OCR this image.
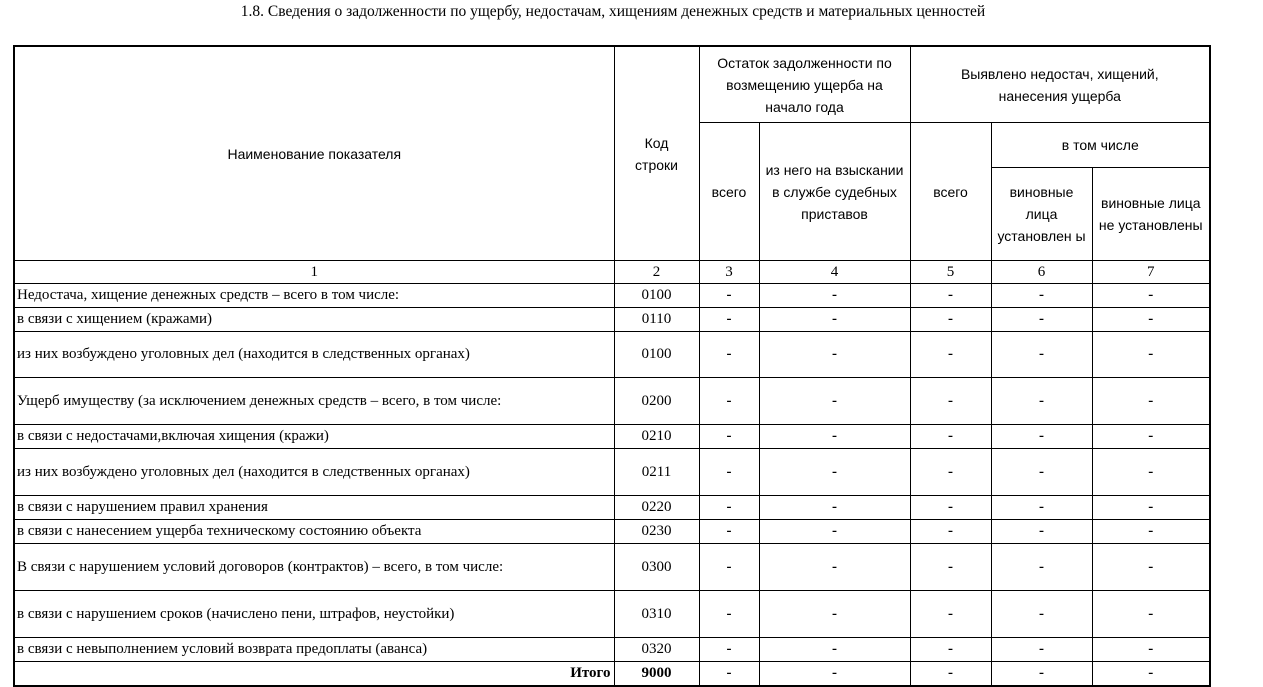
1.8. Сведения о задолженности по ущербу, недостачам, хищениям денежных средств и материальных ценностей
Наименование показателя	Код строки	Остаток задолженности по возмещению ущерба на начало года		Выявлено недостач, хищений, нанесения ущерба		
		всего	из него на взыскании в службе судебных приставов	всего	в том числе	
					виновные лица установлен ы	виновные лица не установлены
1	2	3	4	5	6	7
Недостача, хищение денежных средств – всего в том числе:	0100	-	-	-	-	-
в связи с хищением (кражами)	0110	-	-	-	-	-
из них возбуждено уголовных дел (находится в следственных органах)	0100	-	-	-	-	-
Ущерб имуществу (за исключением денежных средств – всего, в том числе:	0200	-	-	-	-	-
в связи с недостачами,включая хищения (кражи)	0210	-	-	-	-	-
из них возбуждено уголовных дел (находится в следственных органах)	0211	-	-	-	-	-
в связи с нарушением правил хранения	0220	-	-	-	-	-
в связи с нанесением ущерба техническому состоянию объекта	0230	-	-	-	-	-
В связи с нарушением условий договоров (контрактов) – всего, в том числе:	0300	-	-	-	-	-
в связи с нарушением сроков (начислено пени, штрафов, неустойки)	0310	-	-	-	-	-
в связи с невыполнением условий возврата предоплаты (аванса)	0320	-	-	-	-	-
Итого	9000	-	-	-	-	-
